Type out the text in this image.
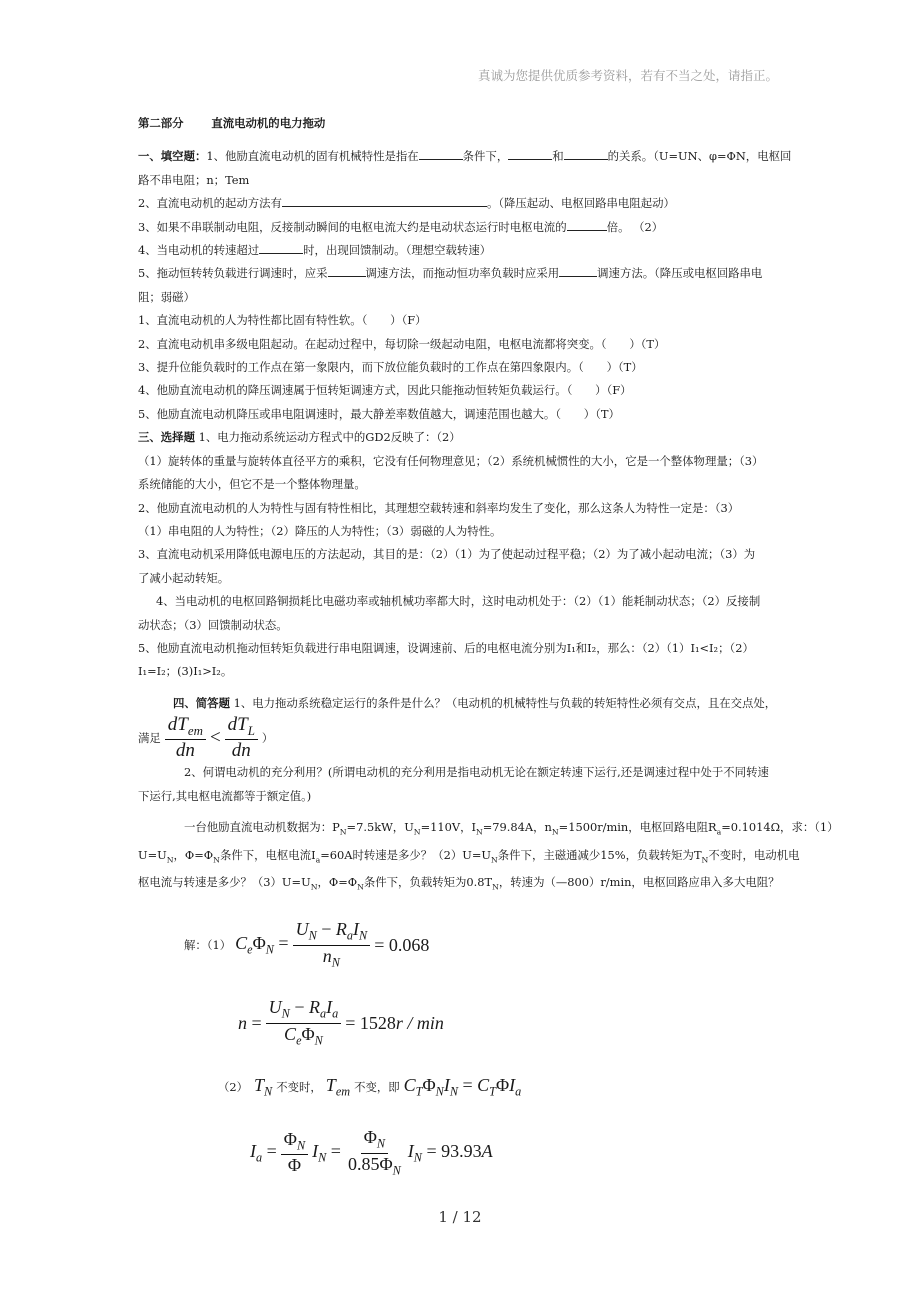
真诚为您提供优质参考资料，若有不当之处，请指正。
第二部分 直流电动机的电力拖动
一、填空题：1、他励直流电动机的固有机械特性是指在	条件下，	和	的关系。（U=UN、φ=ΦN，电枢回
路不串电阻；n；Tem
2、直流电动机的起动方法有	。（降压起动、电枢回路串电阻起动）
3、如果不串联制动电阻，反接制动瞬间的电枢电流大约是电动状态运行时电枢电流的	倍。 （2）
4、当电动机的转速超过	时，出现回馈制动。（理想空载转速）
5、拖动恒转转负载进行调速时，应采	调速方法，而拖动恒功率负载时应采用	调速方法。（降压或电枢回路串电
阻；弱磁）
1、直流电动机的人为特性都比固有特性软。（　　）（F）
2、直流电动机串多级电阻起动。在起动过程中，每切除一级起动电阻，电枢电流都将突变。（　　）（T）
3、提升位能负载时的工作点在第一象限内，而下放位能负载时的工作点在第四象限内。（　　）（T）
4、他励直流电动机的降压调速属于恒转矩调速方式，因此只能拖动恒转矩负载运行。（　　）（F）
5、他励直流电动机降压或串电阻调速时，最大静差率数值越大，调速范围也越大。（　　）（T）
三、选择题 1、电力拖动系统运动方程式中的GD2反映了：（2）
（1）旋转体的重量与旋转体直径平方的乘积，它没有任何物理意见；（2）系统机械惯性的大小，它是一个整体物理量；（3）
系统储能的大小，但它不是一个整体物理量。
2、他励直流电动机的人为特性与固有特性相比，其理想空载转速和斜率均发生了变化，那么这条人为特性一定是：（3）
（1）串电阻的人为特性；（2）降压的人为特性；（3）弱磁的人为特性。
3、直流电动机采用降低电源电压的方法起动，其目的是：（2）（1）为了使起动过程平稳；（2）为了减小起动电流；（3）为
了减小起动转矩。
4、当电动机的电枢回路铜损耗比电磁功率或轴机械功率都大时，这时电动机处于：（2）（1）能耗制动状态；（2）反接制
动状态；（3）回馈制动状态。
5、他励直流电动机拖动恒转矩负载进行串电阻调速，设调速前、后的电枢电流分别为I₁和I₂，那么：（2）（1）I₁<I₂；（2）
I₁=I₂；(3)I₁>I₂。
四、简答题 1、电力拖动系统稳定运行的条件是什么？（电动机的机械特性与负载的转矩特性必须有交点，且在交点处，
满足 $\frac{dT_{em}}{dn} < \frac{dT_L}{dn}$ ）
2、何谓电动机的充分利用？(所谓电动机的充分利用是指电动机无论在额定转速下运行,还是调速过程中处于不同转速
下运行,其电枢电流都等于额定值。)
一台他励直流电动机数据为：$P_N=7.5kW$，$U_N=110V$，$I_N=79.84A$，$n_N=1500r/\min$，电枢回路电阻$R_a=0.1014\Omega$，求：（1）
$U=U_N$，$\Phi=\Phi_N$条件下，电枢电流$I_a=60A$时转速是多少？$(2)U=U_N$条件下，主磁通减少15%，负载转矩为$T_N$不变时，电动机电
枢电流与转速是多少？$(3)U=U_N$，$\Phi=\Phi_N$条件下，负载转矩为$0.8T_N$，转速为（—800）r/min，电枢回路应串入多大电阻？
解：（1） $C_e\Phi_N = \frac{U_N - R_aI_N}{n_N} = 0.068$
$n = \frac{U_N - R_aI_a}{C_e\Phi_N} = 1528r / \min$
（2） $T_N$ 不变时， $T_{em}$ 不变，即 $C_T\Phi_NI_N = C_T\Phi I_a$
$I_a = \frac{\Phi_N}{\Phi} I_N = \frac{\Phi_N}{0.85\Phi_N} I_N = 93.93A$
1 / 12
